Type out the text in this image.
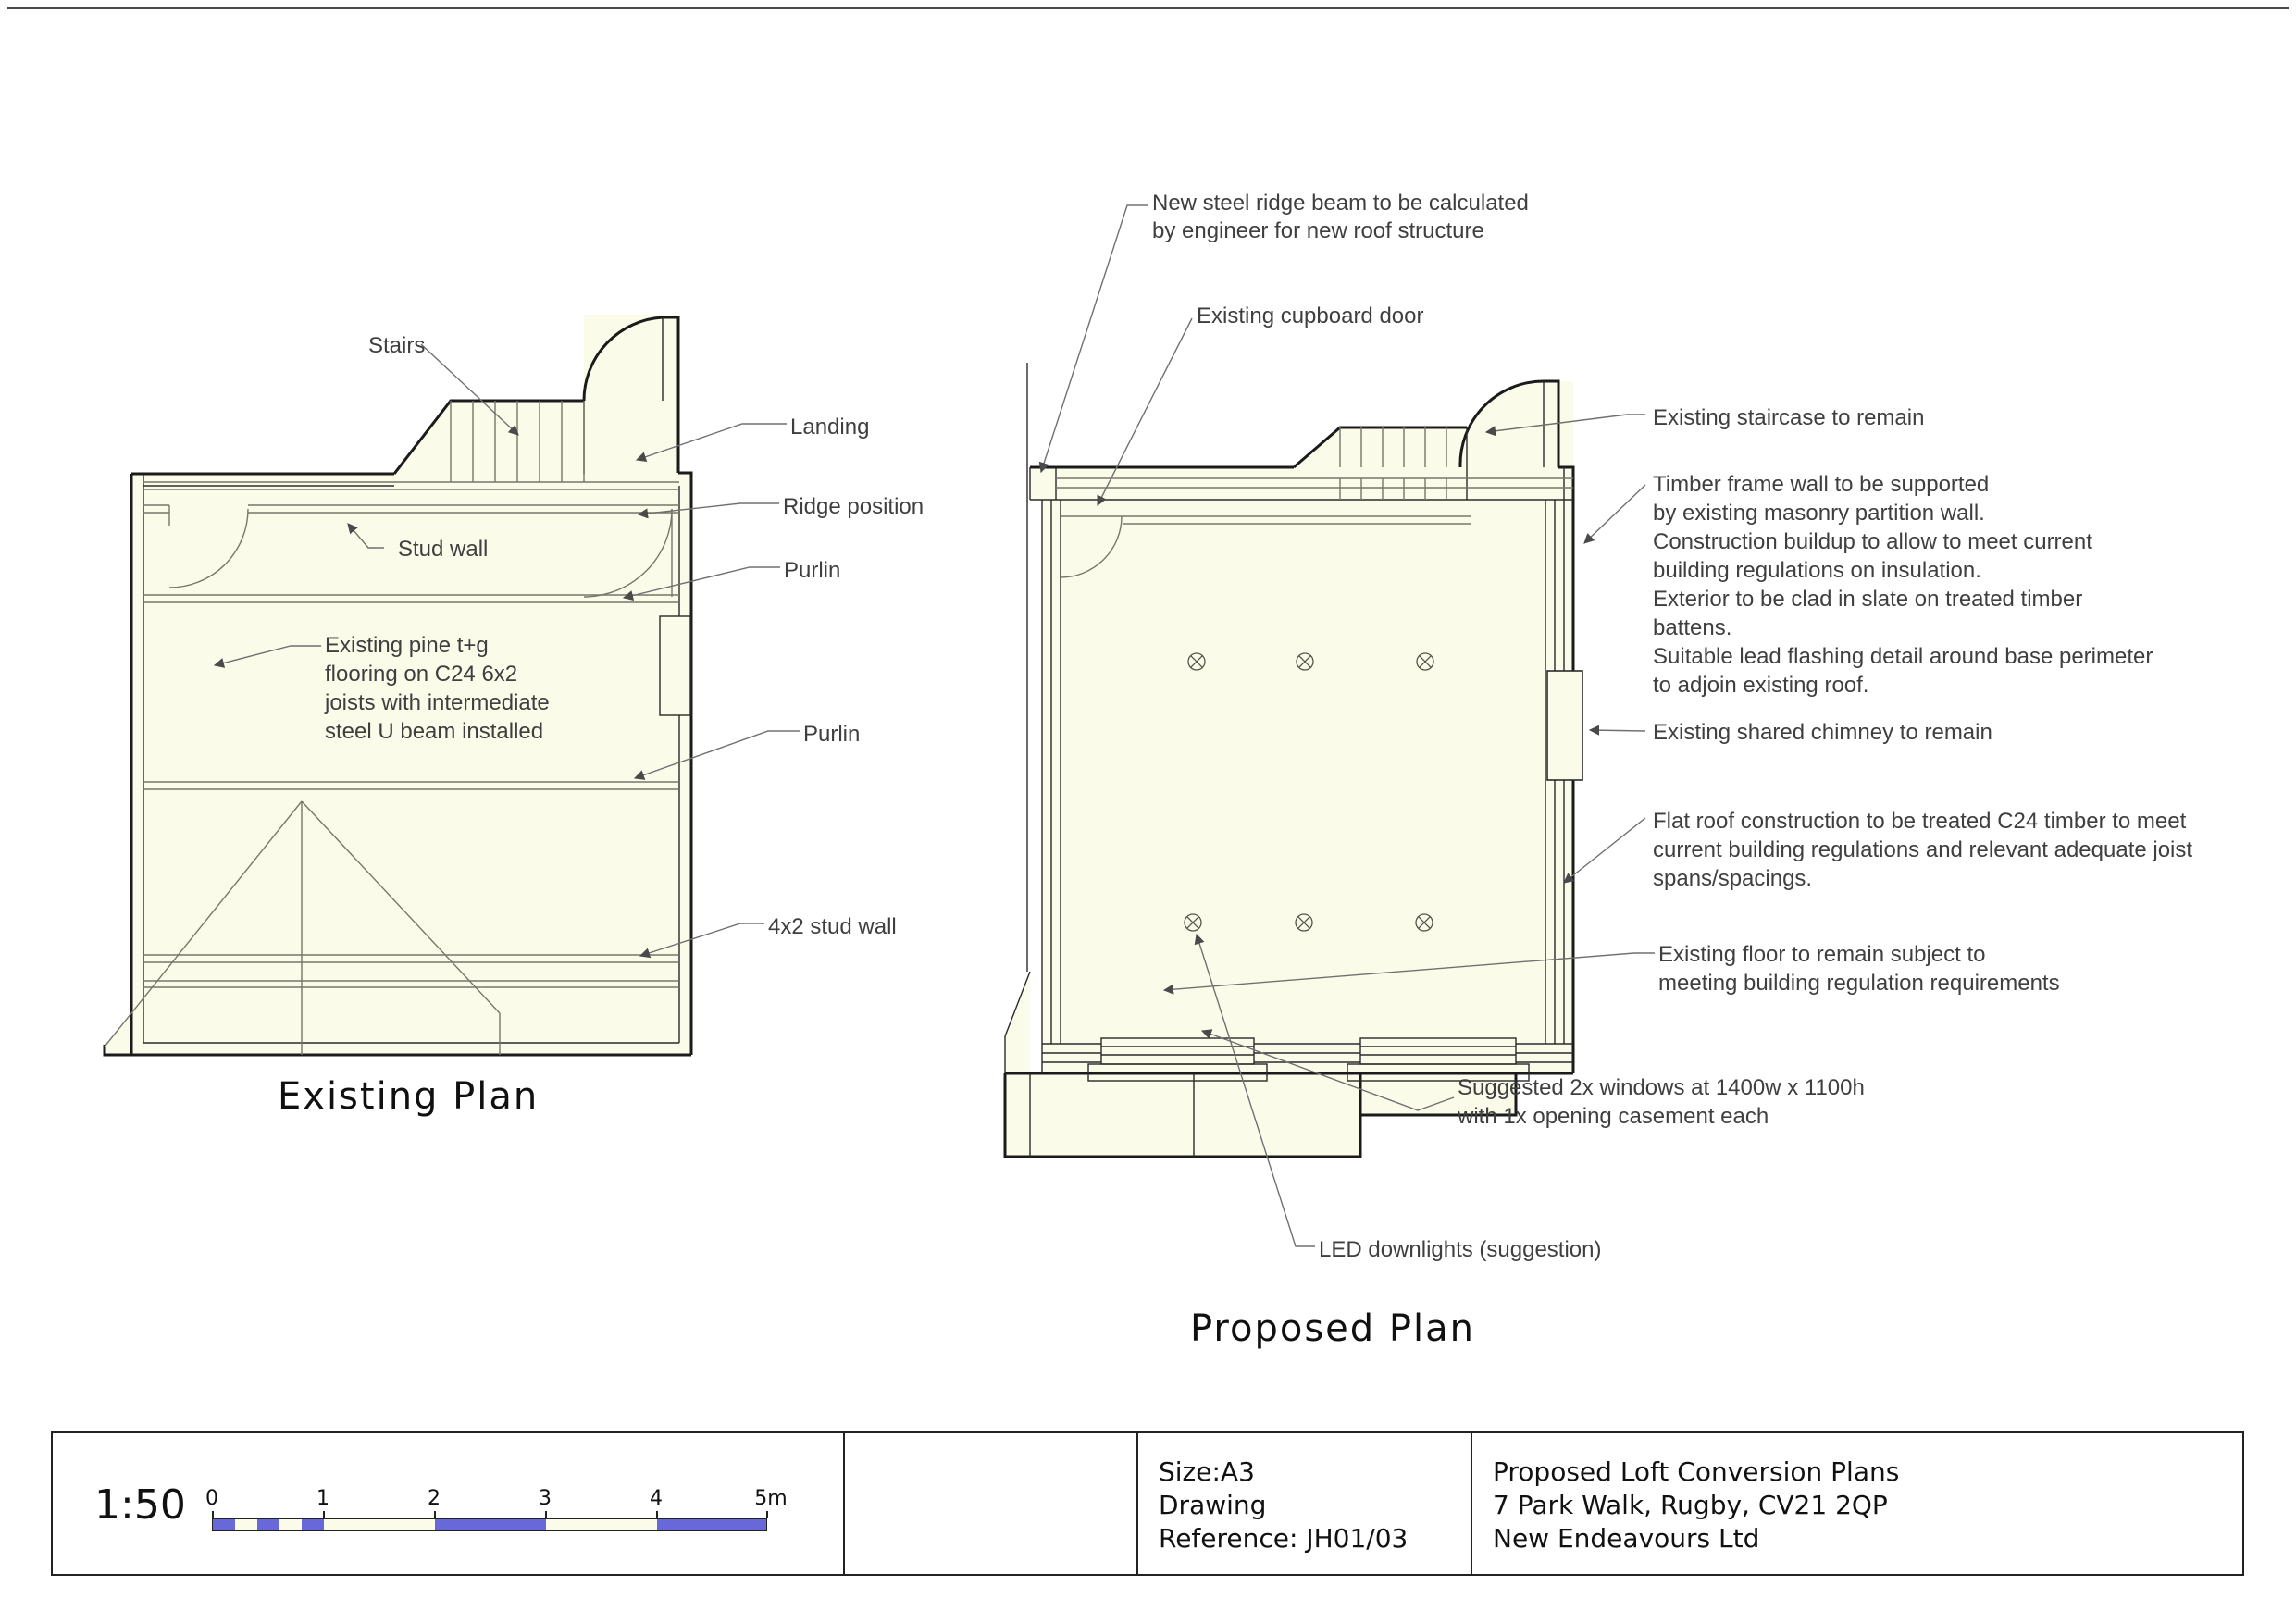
Stairs
Landing
Ridge position
Stud wall
Existing pine t+g
flooring on C24 6x2
joists with intermediate
steel U beam installed
Purlin
Purlin
4x2 stud wall
Existing Plan
New steel ridge beam to be calculated
by engineer for new roof structure
Existing cupboard door
Existing staircase to remain
Timber frame wall to be supported
by existing masonry partition wall.
Construction buildup to allow to meet current
building regulations on insulation.
Exterior to be clad in slate on treated timber
battens.
Suitable lead flashing detail around base perimeter
to adjoin existing roof.
Existing shared chimney to remain
Flat roof construction to be treated C24 timber to meet
current building regulations and relevant adequate joist
spans/spacings.
Existing floor to remain subject to
meeting building regulation requirements
Suggested 2x windows at 1400w x 1100h
with 1x opening casement each
LED downlights (suggestion)
Proposed Plan
1:50 0	1	2	3	4	5m
Size:A3
Drawing
Reference: JH01/03
Proposed Loft Conversion Plans
7 Park Walk, Rugby, CV21 2QP
New Endeavours Ltd
